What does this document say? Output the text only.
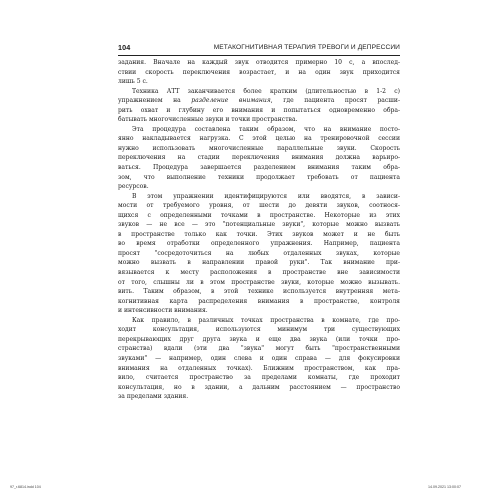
104	МЕТАКОГНИТИВНАЯ ТЕРАПИЯ ТРЕВОГИ И ДЕПРЕССИИ
задания. Вначале на каждый звук отводится примерно 10 с, а впослед-
ствии скорость переключения возрастает, и на один звук приходится
лишь 5 с.
Техника АТТ заканчивается более кратким (длительностью в 1-2 с)
упражнением на разделение внимания, где пациента просят расши-
рить охват и глубину его внимания и попытаться одновременно обра-
батывать многочисленные звуки и точки пространства.
Эта процедура составлена таким образом, что на внимание посто-
янно накладывается нагрузка. С этой целью на тренировочной сессии
нужно использовать многочисленные параллельные звуки. Скорость
переключения на стадии переключения внимания должна варьиро-
ваться. Процедура завершается разделением внимания таким обра-
зом, что выполнение техники продолжает требовать от пациента
ресурсов.
В этом упражнении идентифицируются или вводятся, в зависи-
мости от требуемого уровня, от шести до девяти звуков, соотнося-
щихся с определенными точками в пространстве. Некоторые из этих
звуков — не все — это "потенциальные звуки", которые можно вызвать
в пространстве только как точки. Этих звуков может и не быть
во время отработки определенного упражнения. Например, пациента
просят "сосредоточиться на любых отдаленных звуках, которые
можно вызвать в направлении правой руки". Так внимание при-
вязывается к месту расположения в пространстве вне зависимости
от того, слышны ли в этом пространстве звуки, которые можно вызывать.
вить. Таким образом, в этой технике используется внутренняя мета-
когнитивная карта распределения внимания в пространстве, контроля
и интенсивности внимания.
Как правило, в различных точках пространства в комнате, где про-
ходит консультация, используются минимум три существующих
перекрывающих друг друга звука и еще два звука (или точки про-
странства) вдали (эти два "звука" могут быть "пространственными
звуками" — например, один слева и один справа — для фокусировки
внимания на отдаленных точках). Ближним пространством, как пра-
вило, считается пространство за пределами комнаты, где проходит
консультация, но в здании, а дальним расстоянием — пространство
за пределами здания.
97_r.6814.indd 104	14.09.2021 13:00:07
